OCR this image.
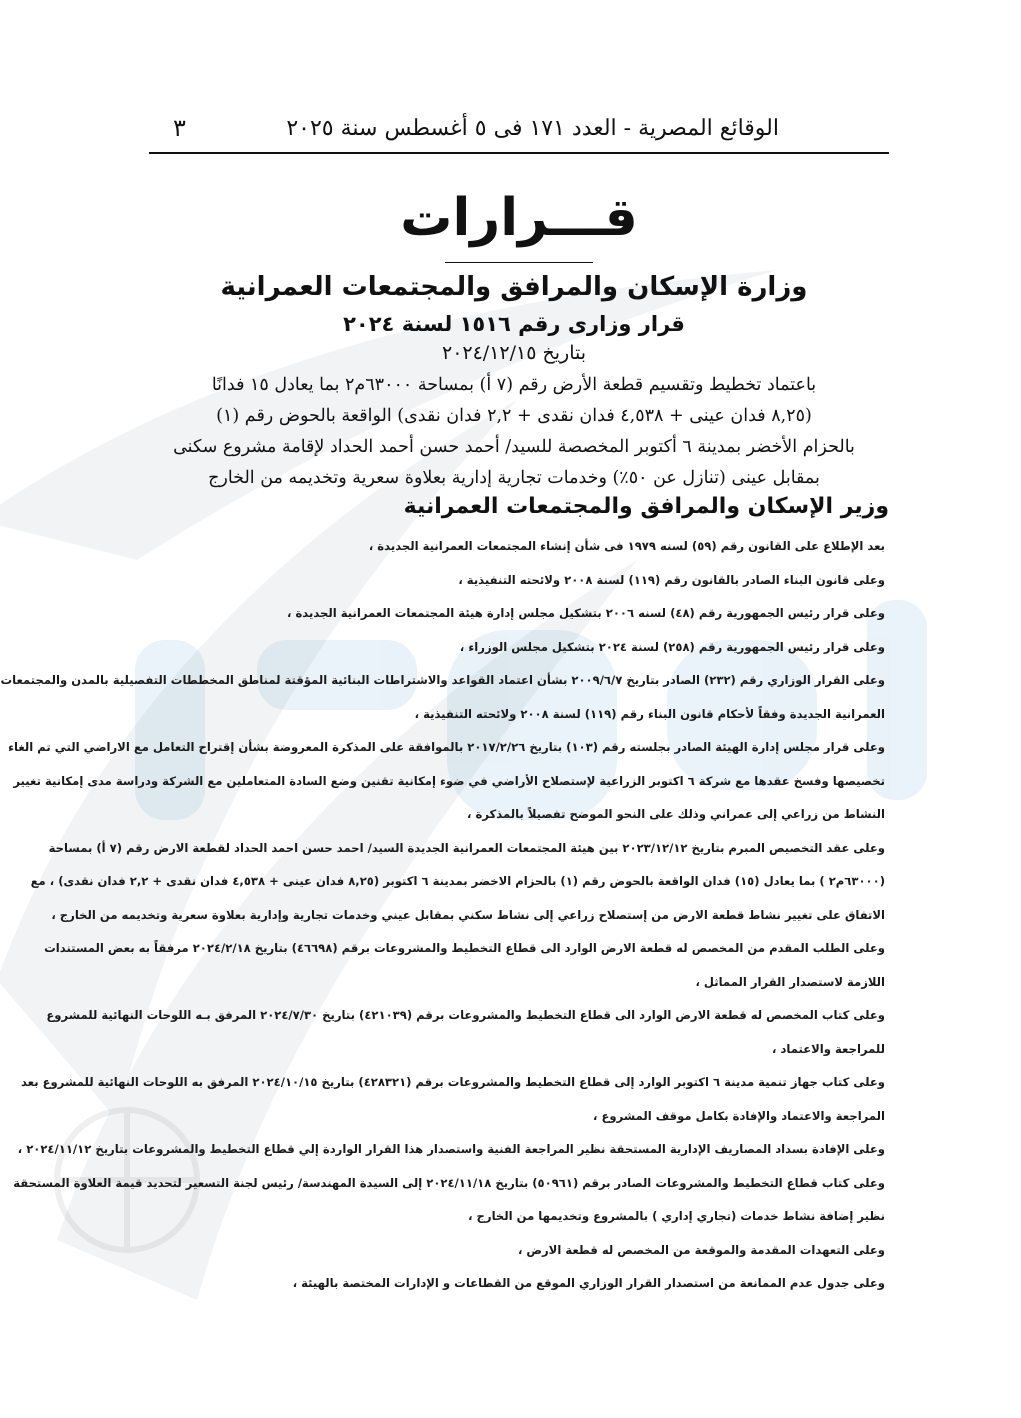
الوقائع المصرية - العدد ١٧١ فى ٥ أغسطس سنة ٢٠٢٥
٣
قـــرارات
وزارة الإسكان والمرافق والمجتمعات العمرانية
قرار وزارى رقم ١٥١٦ لسنة ٢٠٢٤
بتاريخ ٢٠٢٤/١٢/١٥
باعتماد تخطيط وتقسيم قطعة الأرض رقم (٧ أ) بمساحة ٦٣٠٠٠م٢ بما يعادل ١٥ فدانًا
(٨,٢٥ فدان عينى + ٤,٥٣٨ فدان نقدى + ٢,٢ فدان نقدى) الواقعة بالحوض رقم (١)
بالحزام الأخضر بمدينة ٦ أكتوبر المخصصة للسيد/ أحمد حسن أحمد الحداد لإقامة مشروع سكنى
بمقابل عينى (تنازل عن ٥٠٪) وخدمات تجارية إدارية بعلاوة سعرية وتخديمه من الخارج
وزير الإسكان والمرافق والمجتمعات العمرانية

بعد الإطلاع على القانون رقم (٥٩) لسنه ١٩٧٩ فى شأن إنشاء المجتمعات العمرانية الجديدة ،

وعلى قانون البناء الصادر بالقانون رقم (١١٩) لسنة ٢٠٠٨ ولائحته التنفيذية ،

وعلى قرار رئيس الجمهورية رقم (٤٨) لسنه ٢٠٠٦ بتشكيل مجلس إدارة هيئة المجتمعات العمرانية الجديدة ،

وعلى قرار رئيس الجمهورية رقم (٢٥٨) لسنة ٢٠٢٤ بتشكيل مجلس الوزراء ،

وعلى القرار الوزاري رقم (٢٣٢) الصادر بتاريخ ٢٠٠٩/٦/٧ بشأن اعتماد القواعد والاشتراطات البنائية المؤقتة لمناطق المخططات التفصيلية بالمدن والمجتمعات
العمرانية الجديدة وفقاً لأحكام قانون البناء رقم (١١٩) لسنة ٢٠٠٨ ولائحته التنفيذية ،

وعلى قرار مجلس إدارة الهيئة الصادر بجلسته رقم (١٠٣) بتاريخ ٢٠١٧/٢/٢٦ بالموافقة على المذكرة المعروضة بشأن إقتراح التعامل مع الاراضي التي تم الغاء
تخصيصها وفسخ عقدها مع شركة ٦ اكتوبر الزراعية لإستصلاح الأراضي في ضوء إمكانية تقنين وضع السادة المتعاملين مع الشركة ودراسة مدى إمكانية تغيير
النشاط من زراعي إلى عمراني وذلك على النحو الموضح تفصيلاً بالمذكرة ،

وعلى عقد التخصيص المبرم بتاريخ ٢٠٢٣/١٢/١٢ بين هيئة المجتمعات العمرانية الجديدة السيد/ احمد حسن احمد الحداد لقطعة الارض رقم (٧ أ) بمساحة
(٦٣٠٠٠م٢ ) بما يعادل (١٥) فدان الواقعة بالحوض رقم (١) بالحزام الاخضر بمدينة ٦ اكتوبر (٨,٢٥ فدان عينى + ٤,٥٣٨ فدان نقدى + ٢,٢ فدان نقدى) ، مع
الاتفاق على تغيير نشاط قطعة الارض من إستصلاح زراعي إلى نشاط سكني بمقابل عيني وخدمات تجارية وإدارية بعلاوة سعرية وتخديمه من الخارج ،

وعلى الطلب المقدم من المخصص له قطعة الارض الوارد الى قطاع التخطيط والمشروعات برقم (٤٦٦٩٨) بتاريخ ٢٠٢٤/٢/١٨ مرفقاً به بعض المستندات
اللازمة لاستصدار القرار المماثل ،

وعلى كتاب المخصص له قطعة الارض الوارد الى قطاع التخطيط والمشروعات برقم (٤٢١٠٣٩) بتاريخ ٢٠٢٤/٧/٣٠ المرفق بـه اللوحات النهائية للمشروع
للمراجعة والاعتماد ،

وعلى كتاب جهاز تنمية مدينة ٦ اكتوبر الوارد إلى قطاع التخطيط والمشروعات برقم (٤٢٨٣٢١) بتاريخ ٢٠٢٤/١٠/١٥ المرفق به اللوحات النهائية للمشروع بعد
المراجعة والاعتماد والإفادة بكامل موقف المشروع ،

وعلى الإفادة بسداد المصاريف الإدارية المستحقة نظير المراجعة الفنية واستصدار هذا القرار الواردة إلي قطاع التخطيط والمشروعات بتاريخ ٢٠٢٤/١١/١٢ ،

وعلى كتاب قطاع التخطيط والمشروعات الصادر برقم (٥٠٩٦١) بتاريخ ٢٠٢٤/١١/١٨ إلى السيدة المهندسة/ رئيس لجنة التسعير لتحديد قيمة العلاوة المستحقة
نظير إضافة نشاط خدمات (تجاري إداري ) بالمشروع وتخديمها من الخارج ،

وعلى التعهدات المقدمة والموقعة من المخصص له قطعة الارض ،

وعلى جدول عدم الممانعة من استصدار القرار الوزاري الموقع من القطاعات و الإدارات المختصة بالهيئة ،
